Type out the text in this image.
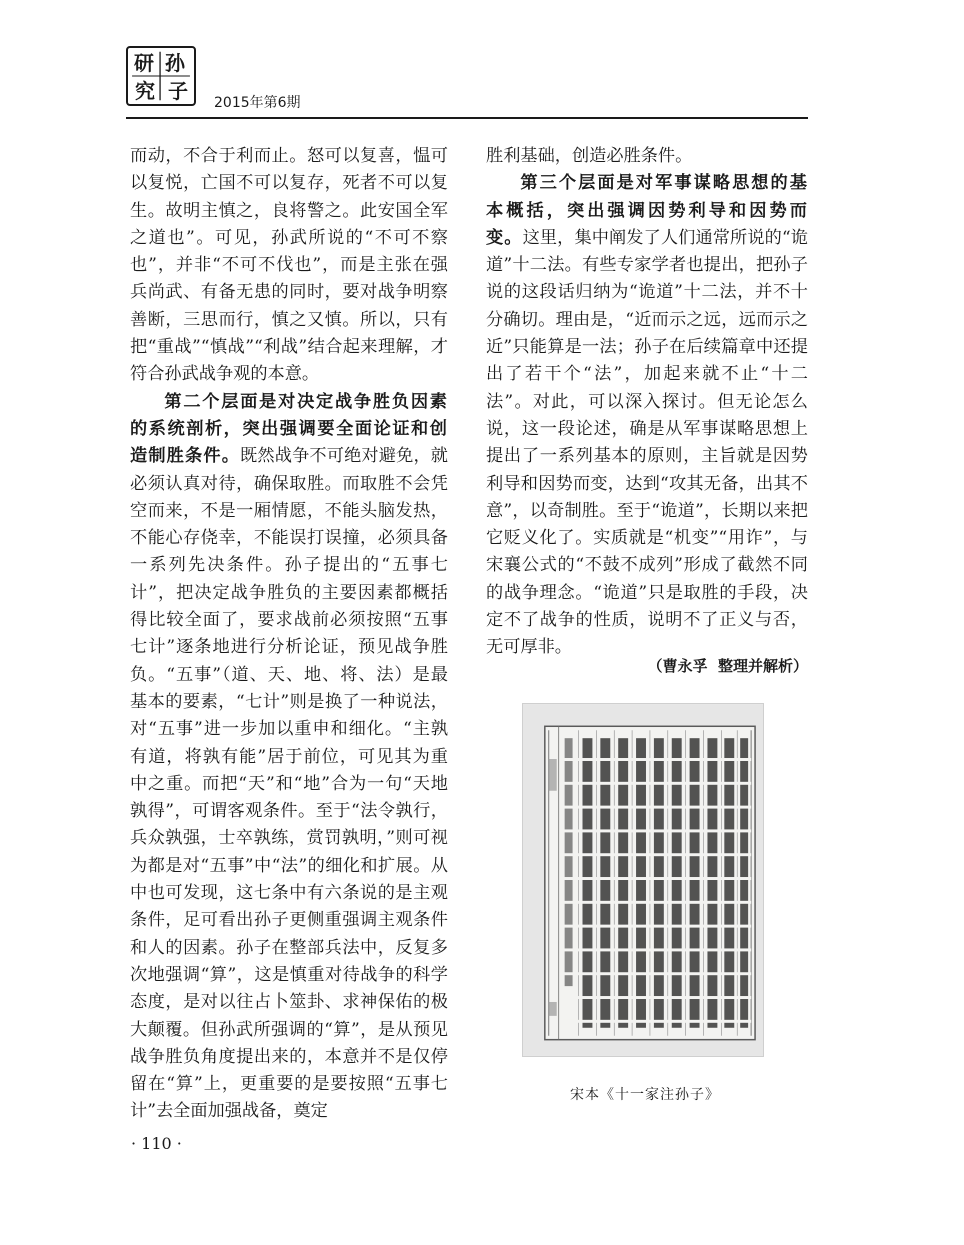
孙
子
研
究	2015年第6期

而动，不合于利而止。怒可以复喜，愠可以复悦，亡国不可以复存，死者不可以复生。故明主慎之，良将警之。此安国全军之道也”。可见，孙武所说的“不可不察也”，并非“不可不伐也”，而是主张在强兵尚武、有备无患的同时，要对战争明察善断，三思而行，慎之又慎。所以，只有把“重战”“慎战”“利战”结合起来理解，才符合孙武战争观的本意。

第二个层面是对决定战争胜负因素的系统剖析，突出强调要全面论证和创造制胜条件。既然战争不可绝对避免，就必须认真对待，确保取胜。而取胜不会凭空而来，不是一厢情愿，不能头脑发热，不能心存侥幸，不能误打误撞，必须具备一系列先决条件。孙子提出的“五事七计”，把决定战争胜负的主要因素都概括得比较全面了，要求战前必须按照“五事七计”逐条地进行分析论证，预见战争胜负。“五事”（道、天、地、将、法）是最基本的要素，“七计”则是换了一种说法，对“五事”进一步加以重申和细化。“主孰有道，将孰有能”居于前位，可见其为重中之重。而把“天”和“地”合为一句“天地孰得”，可谓客观条件。至于“法令孰行，兵众孰强，士卒孰练，赏罚孰明，”则可视为都是对“五事”中“法”的细化和扩展。从中也可发现，这七条中有六条说的是主观条件，足可看出孙子更侧重强调主观条件和人的因素。孙子在整部兵法中，反复多次地强调“算”，这是慎重对待战争的科学态度，是对以往占卜筮卦、求神保佑的极大颠覆。但孙武所强调的“算”，是从预见战争胜负角度提出来的，本意并不是仅停留在“算”上，更重要的是要按照“五事七计”去全面加强战备，奠定

胜利基础，创造必胜条件。

第三个层面是对军事谋略思想的基本概括，突出强调因势利导和因势而变。这里，集中阐发了人们通常所说的“诡道”十二法。有些专家学者也提出，把孙子说的这段话归纳为“诡道”十二法，并不十分确切。理由是，“近而示之远，远而示之近”只能算是一法；孙子在后续篇章中还提出了若干个“法”，加起来就不止“十二法”。对此，可以深入探讨。但无论怎么说，这一段论述，确是从军事谋略思想上提出了一系列基本的原则，主旨就是因势利导和因势而变，达到“攻其无备，出其不意”，以奇制胜。至于“诡道”，长期以来把它贬义化了。实质就是“机变”“用诈”，与宋襄公式的“不鼓不成列”形成了截然不同的战争理念。“诡道”只是取胜的手段，决定不了战争的性质，说明不了正义与否，无可厚非。

（曹永孚  整理并解析）
宋本《十一家注孙子》
· 110 ·
